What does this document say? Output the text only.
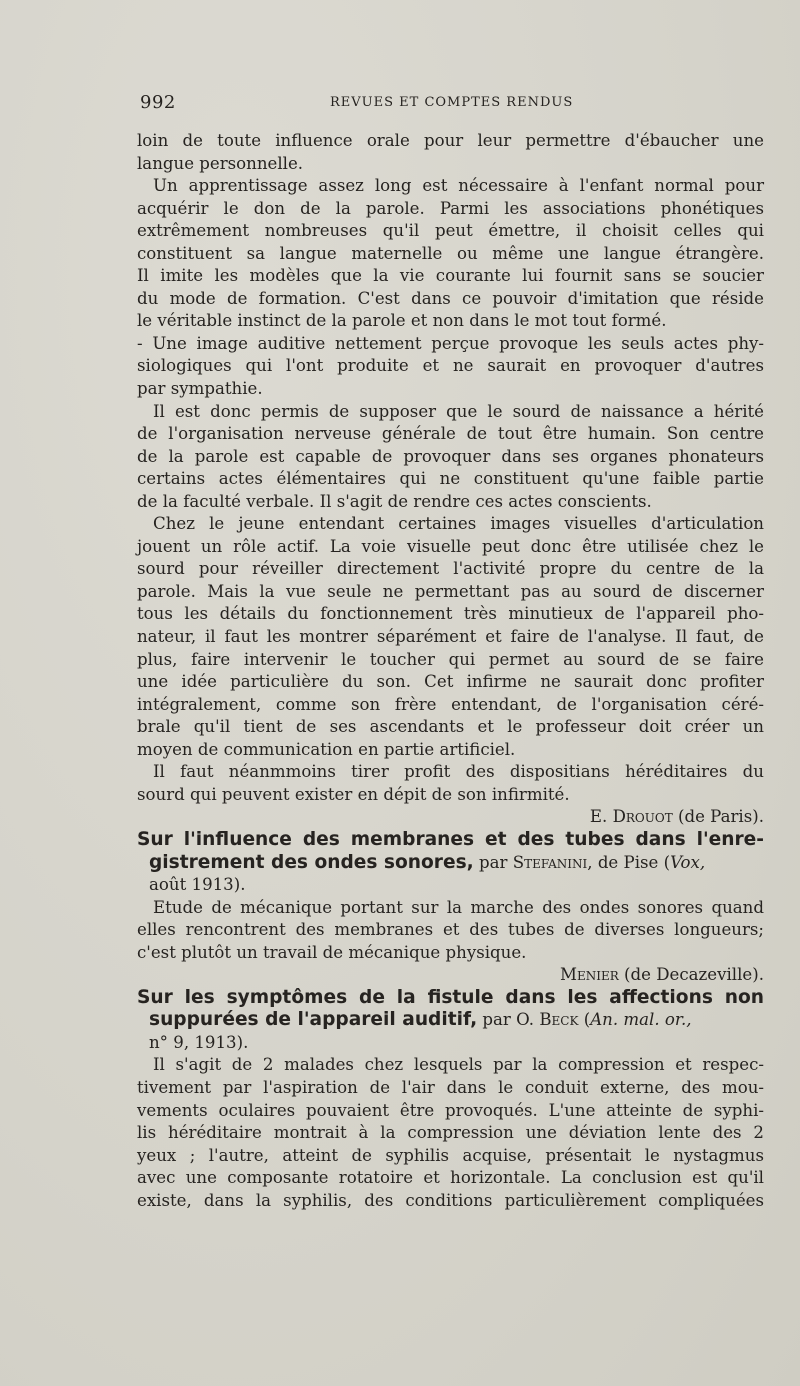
992	REVUES ET COMPTES RENDUS
loin de toute influence orale pour leur permettre d'ébaucher une
langue personnelle.
Un apprentissage assez long est nécessaire à l'enfant normal pour
acquérir le don de la parole. Parmi les associations phonétiques
extrêmement nombreuses qu'il peut émettre, il choisit celles qui
constituent sa langue maternelle ou même une langue étrangère.
Il imite les modèles que la vie courante lui fournit sans se soucier
du mode de formation. C'est dans ce pouvoir d'imitation que réside
le véritable instinct de la parole et non dans le mot tout formé.
- Une image auditive nettement perçue provoque les seuls actes phy-
siologiques qui l'ont produite et ne saurait en provoquer d'autres
par sympathie.
Il est donc permis de supposer que le sourd de naissance a hérité
de l'organisation nerveuse générale de tout être humain. Son centre
de la parole est capable de provoquer dans ses organes phonateurs
certains actes élémentaires qui ne constituent qu'une faible partie
de la faculté verbale. Il s'agit de rendre ces actes conscients.
Chez le jeune entendant certaines images visuelles d'articulation
jouent un rôle actif. La voie visuelle peut donc être utilisée chez le
sourd pour réveiller directement l'activité propre du centre de la
parole. Mais la vue seule ne permettant pas au sourd de discerner
tous les détails du fonctionnement très minutieux de l'appareil pho-
nateur, il faut les montrer séparément et faire de l'analyse. Il faut, de
plus, faire intervenir le toucher qui permet au sourd de se faire
une idée particulière du son. Cet infirme ne saurait donc profiter
intégralement, comme son frère entendant, de l'organisation céré-
brale qu'il tient de ses ascendants et le professeur doit créer un
moyen de communication en partie artificiel.
Il faut néanmmoins tirer profit des dispositians héréditaires du
sourd qui peuvent exister en dépit de son infirmité.
E. Drouot (de Paris).
Sur l'influence des membranes et des tubes dans l'enre-
gistrement des ondes sonores, par Stefanini, de Pise (Vox,
août 1913).
Etude de mécanique portant sur la marche des ondes sonores quand
elles rencontrent des membranes et des tubes de diverses longueurs;
c'est plutôt un travail de mécanique physique.
Menier (de Decazeville).
Sur les symptômes de la fistule dans les affections non
suppurées de l'appareil auditif, par O. Beck (An. mal. or.,
n° 9, 1913).
Il s'agit de 2 malades chez lesquels par la compression et respec-
tivement par l'aspiration de l'air dans le conduit externe, des mou-
vements oculaires pouvaient être provoqués. L'une atteinte de syphi-
lis héréditaire montrait à la compression une déviation lente des 2
yeux ; l'autre, atteint de syphilis acquise, présentait le nystagmus
avec une composante rotatoire et horizontale. La conclusion est qu'il
existe, dans la syphilis, des conditions particulièrement compliquées
